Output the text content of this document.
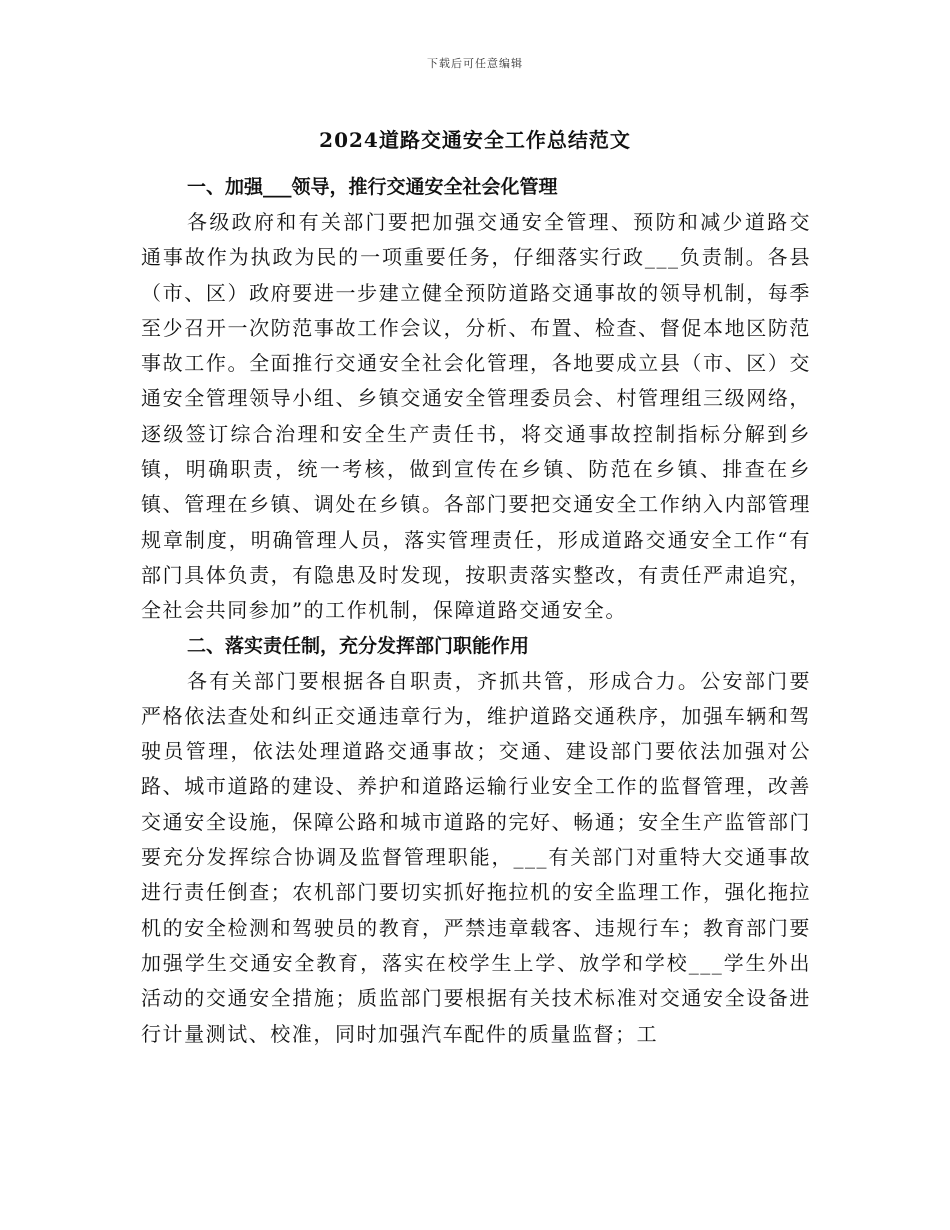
下载后可任意编辑
2024道路交通安全工作总结范文
一、加强___领导，推行交通安全社会化管理

各级政府和有关部门要把加强交通安全管理、预防和减少道路交通事故作为执政为民的一项重要任务，仔细落实行政___负责制。各县（市、区）政府要进一步建立健全预防道路交通事故的领导机制，每季至少召开一次防范事故工作会议，分析、布置、检查、督促本地区防范事故工作。全面推行交通安全社会化管理，各地要成立县（市、区）交通安全管理领导小组、乡镇交通安全管理委员会、村管理组三级网络，逐级签订综合治理和安全生产责任书，将交通事故控制指标分解到乡镇，明确职责，统一考核，做到宣传在乡镇、防范在乡镇、排查在乡镇、管理在乡镇、调处在乡镇。各部门要把交通安全工作纳入内部管理规章制度，明确管理人员，落实管理责任，形成道路交通安全工作“有部门具体负责，有隐患及时发现，按职责落实整改，有责任严肃追究，全社会共同参加”的工作机制，保障道路交通安全。

二、落实责任制，充分发挥部门职能作用

各有关部门要根据各自职责，齐抓共管，形成合力。公安部门要严格依法查处和纠正交通违章行为，维护道路交通秩序，加强车辆和驾驶员管理，依法处理道路交通事故；交通、建设部门要依法加强对公路、城市道路的建设、养护和道路运输行业安全工作的监督管理，改善交通安全设施，保障公路和城市道路的完好、畅通；安全生产监管部门要充分发挥综合协调及监督管理职能，___有关部门对重特大交通事故进行责任倒查；农机部门要切实抓好拖拉机的安全监理工作，强化拖拉机的安全检测和驾驶员的教育，严禁违章载客、违规行车；教育部门要加强学生交通安全教育，落实在校学生上学、放学和学校___学生外出活动的交通安全措施；质监部门要根据有关技术标准对交通安全设备进行计量测试、校准，同时加强汽车配件的质量监督；工
